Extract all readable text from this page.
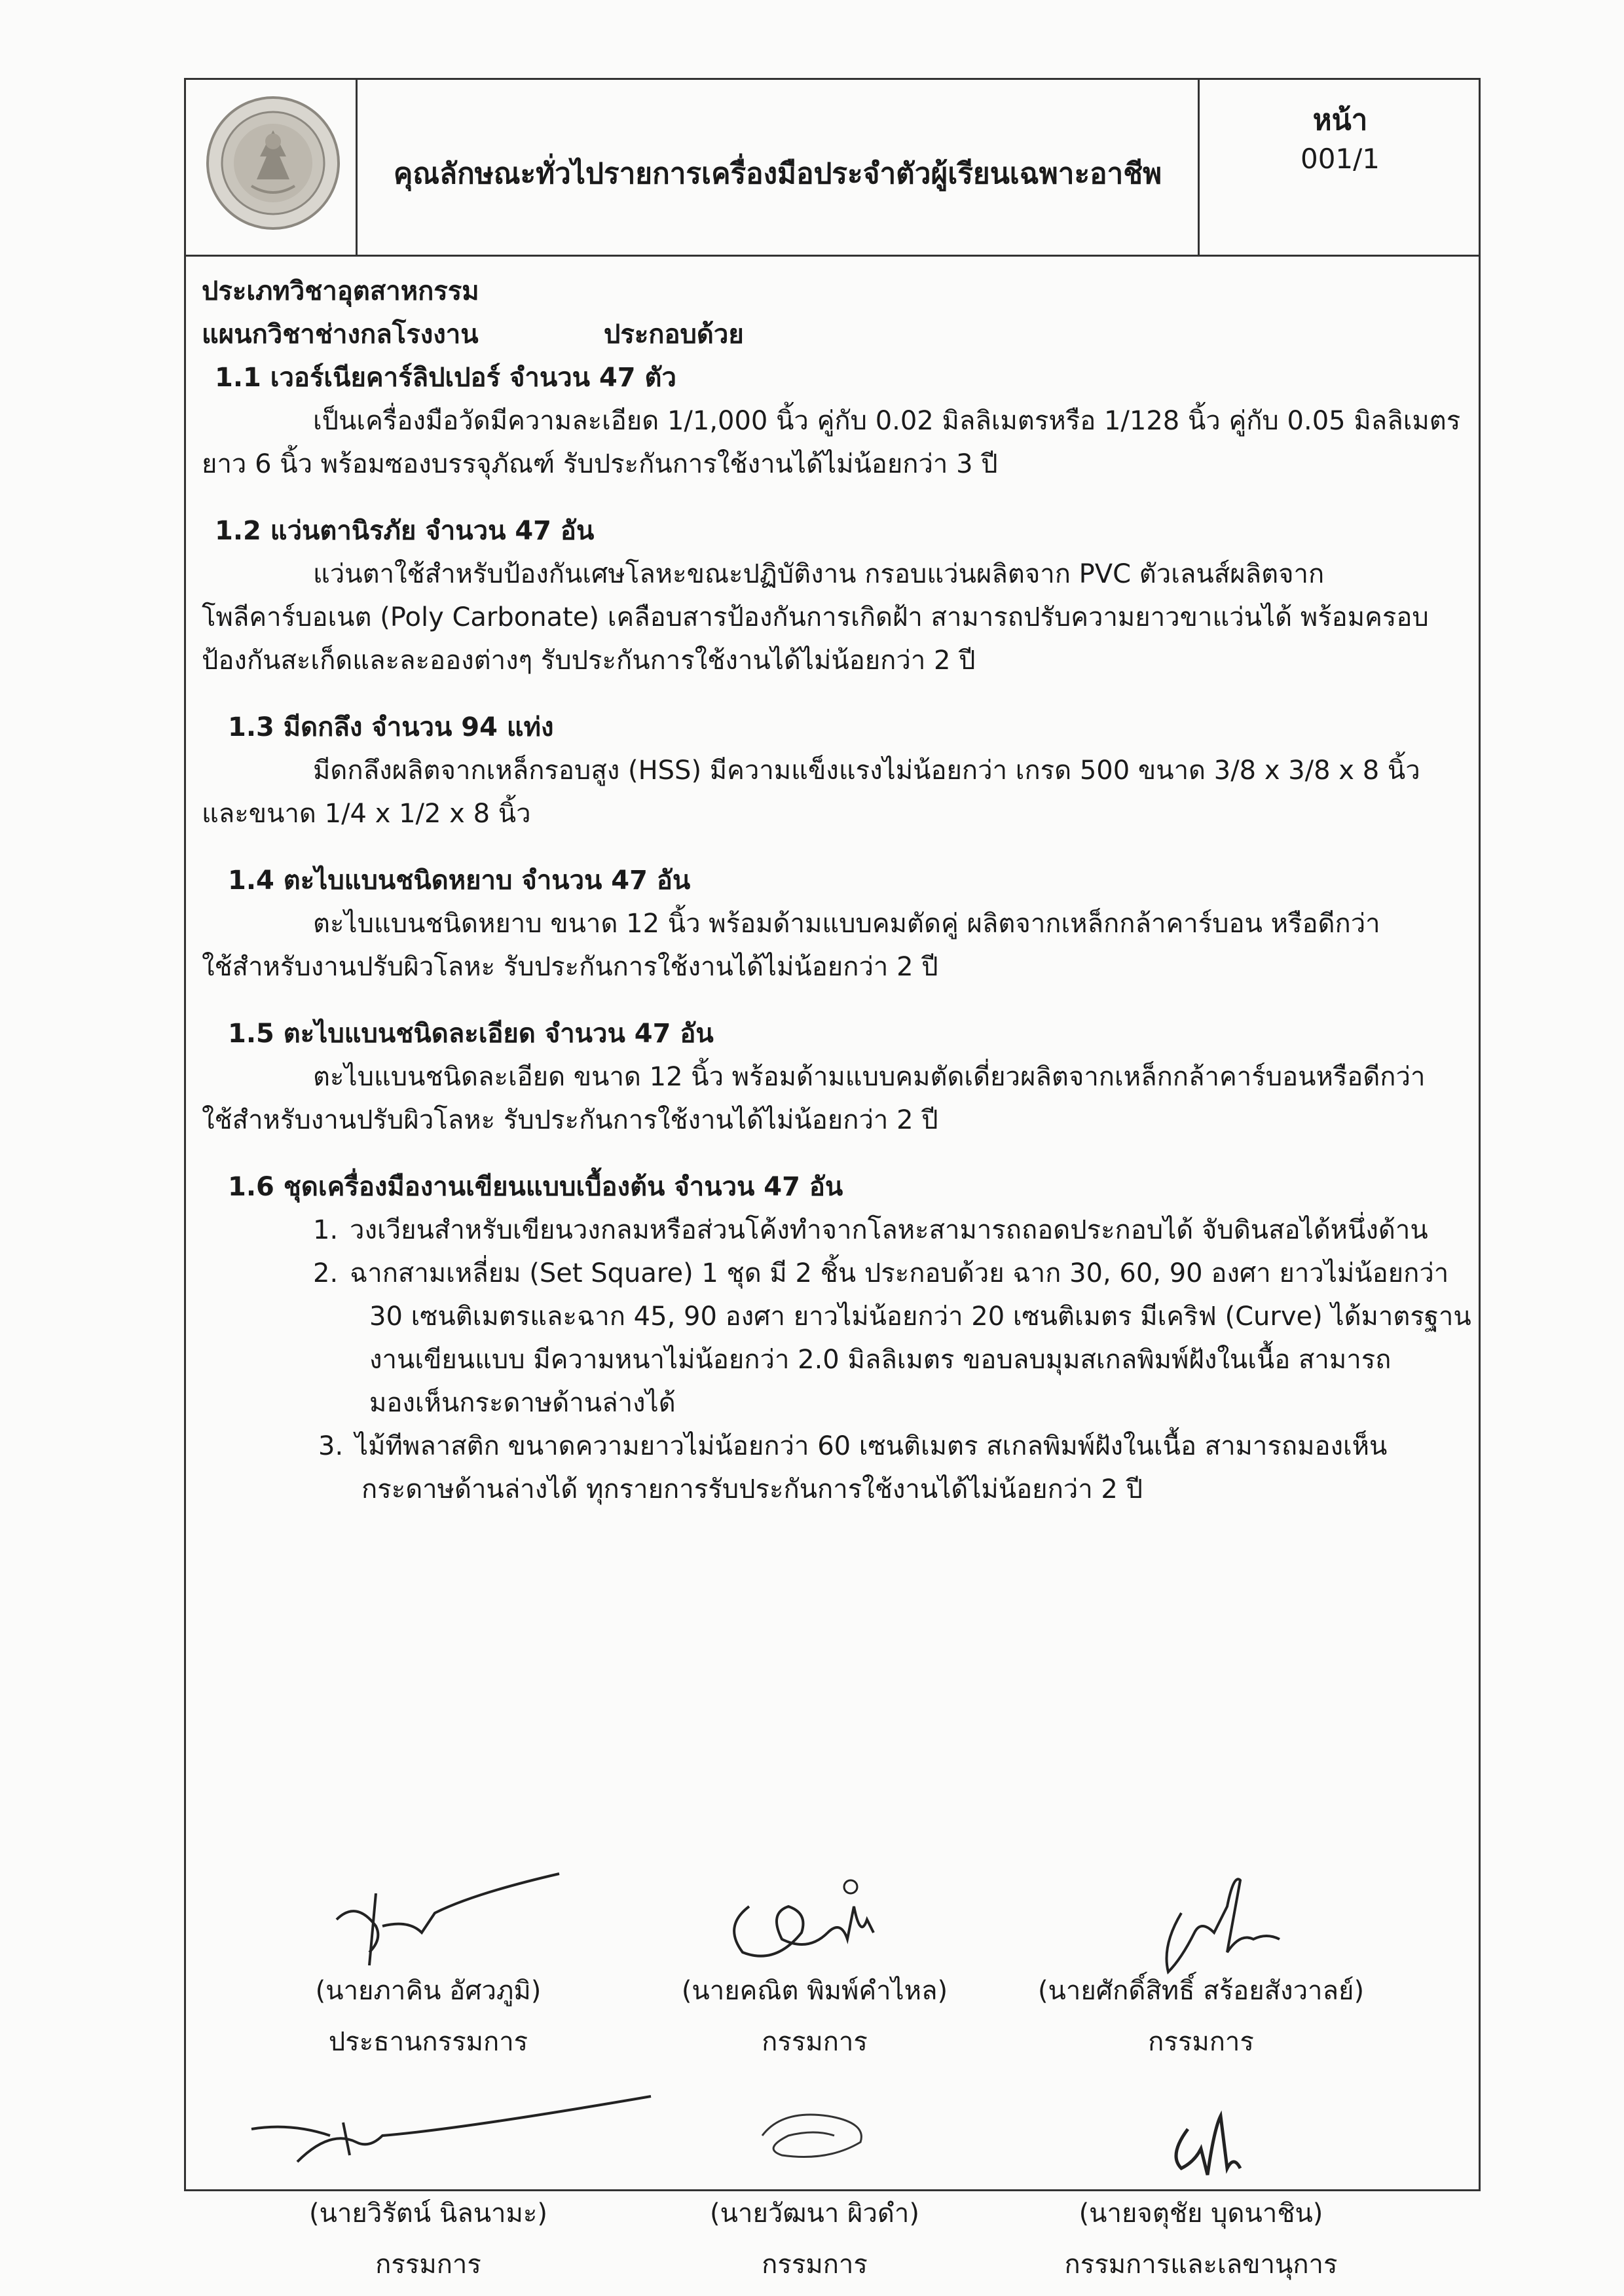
คุณลักษณะทั่วไปรายการเครื่องมือประจำตัวผู้เรียนเฉพาะอาชีพ
หน้า
001/1
ประเภทวิชาอุตสาหกรรม
แผนกวิชาช่างกลโรงงาน	ประกอบด้วย
1.1 เวอร์เนียคาร์ลิปเปอร์ จำนวน 47 ตัว
เป็นเครื่องมือวัดมีความละเอียด 1/1,000 นิ้ว คู่กับ 0.02 มิลลิเมตรหรือ 1/128 นิ้ว คู่กับ 0.05 มิลลิเมตร
ยาว 6 นิ้ว พร้อมซองบรรจุภัณฑ์ รับประกันการใช้งานได้ไม่น้อยกว่า 3 ปี
1.2 แว่นตานิรภัย จำนวน 47 อัน
แว่นตาใช้สำหรับป้องกันเศษโลหะขณะปฏิบัติงาน กรอบแว่นผลิตจาก PVC ตัวเลนส์ผลิตจาก
โพลีคาร์บอเนต (Poly Carbonate) เคลือบสารป้องกันการเกิดฝ้า สามารถปรับความยาวขาแว่นได้ พร้อมครอบ
ป้องกันสะเก็ดและละอองต่างๆ รับประกันการใช้งานได้ไม่น้อยกว่า 2 ปี
1.3 มีดกลึง จำนวน 94 แท่ง
มีดกลึงผลิตจากเหล็กรอบสูง (HSS) มีความแข็งแรงไม่น้อยกว่า เกรด 500 ขนาด 3/8 x 3/8 x 8 นิ้ว
และขนาด 1/4 x 1/2 x 8 นิ้ว
1.4 ตะไบแบนชนิดหยาบ จำนวน 47 อัน
ตะไบแบนชนิดหยาบ ขนาด 12 นิ้ว พร้อมด้ามแบบคมตัดคู่ ผลิตจากเหล็กกล้าคาร์บอน หรือดีกว่า
ใช้สำหรับงานปรับผิวโลหะ รับประกันการใช้งานได้ไม่น้อยกว่า 2 ปี
1.5 ตะไบแบนชนิดละเอียด จำนวน 47 อัน
ตะไบแบนชนิดละเอียด ขนาด 12 นิ้ว พร้อมด้ามแบบคมตัดเดี่ยวผลิตจากเหล็กกล้าคาร์บอนหรือดีกว่า
ใช้สำหรับงานปรับผิวโลหะ รับประกันการใช้งานได้ไม่น้อยกว่า 2 ปี
1.6 ชุดเครื่องมืองานเขียนแบบเบื้องต้น จำนวน 47 อัน
1. วงเวียนสำหรับเขียนวงกลมหรือส่วนโค้งทำจากโลหะสามารถถอดประกอบได้ จับดินสอได้หนึ่งด้าน
2. ฉากสามเหลี่ยม (Set Square) 1 ชุด มี 2 ชิ้น ประกอบด้วย ฉาก 30, 60, 90 องศา ยาวไม่น้อยกว่า
30 เซนติเมตรและฉาก 45, 90 องศา ยาวไม่น้อยกว่า 20 เซนติเมตร มีเคริฟ (Curve) ได้มาตรฐาน
งานเขียนแบบ มีความหนาไม่น้อยกว่า 2.0 มิลลิเมตร ขอบลบมุมสเกลพิมพ์ฝังในเนื้อ สามารถ
มองเห็นกระดาษด้านล่างได้
3. ไม้ทีพลาสติก ขนาดความยาวไม่น้อยกว่า 60 เซนติเมตร สเกลพิมพ์ฝังในเนื้อ สามารถมองเห็น
กระดาษด้านล่างได้ ทุกรายการรับประกันการใช้งานได้ไม่น้อยกว่า 2 ปี
(นายภาคิน อัศวภูมิ)
ประธานกรรมการ
(นายคณิต พิมพ์คำไหล)
กรรมการ
(นายศักดิ์สิทธิ์ สร้อยสังวาลย์)
กรรมการ
(นายวิรัตน์ นิลนามะ)
กรรมการ
(นายวัฒนา ผิวดำ)
กรรมการ
(นายจตุชัย บุดนาชิน)
กรรมการและเลขานุการ
